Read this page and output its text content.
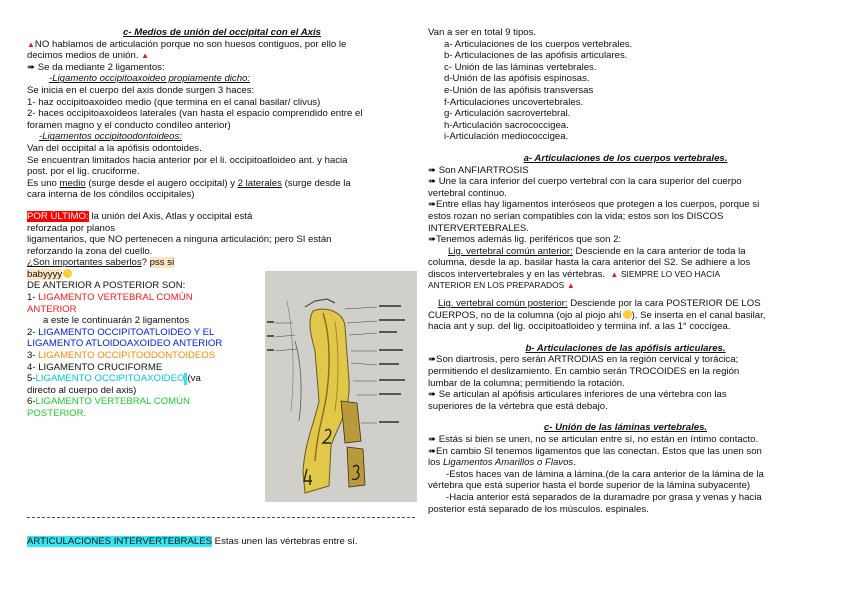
c- Medios de unión del occipital con el Axis
▲NO hablamos de articulación porque no son huesos contiguos, por ello le
decimos medios de unión. ▲
➠ Se da mediante 2 ligamentos:
-Ligamento occipitoaxoideo propiamente dicho:
Se inicia en el cuerpo del axis donde surgen 3 haces:
1- haz occipitoaxoideo medio (que termina en el canal basilar/ clivus)
2- haces occipitoaxoideos laterales (van hasta el espacio comprendido entre el
foramen magno y el conducto condíleo anterior)
-Ligamentos occipitoodontoideos:
Van del occipital a la apófisis odontoides.
Se encuentran limitados hacia anterior por el li. occipitoatloideo ant. y hacia
post. por el lig. cruciforme.
Es uno medio (surge desde el augero occipital) y 2 laterales (surge desde la
cara interna de los cóndilos occipitales)
POR ÚLTIMO: la unión del Axis, Atlas y occipital está reforzada por planos
ligamentarios, que NO pertenecen a ninguna articulación; pero SI están
reforzando la zona del cuello.
¿Son importantes saberlos? pss si
babyyyy
DE ANTERIOR A POSTERIOR SON:
1- LIGAMENTO VERTEBRAL COMÚN
ANTERIOR
a este le continuarán 2 ligamentos
2- LIGAMENTO OCCIPITOATLOIDEO Y EL
LIGAMENTO ATLOIDOAXOIDEO ANTERIOR
3- LIGAMENTO OCCIPITOODONTOIDEOS
4- LIGAMENTO CRUCIFORME
5-LIGAMENTO OCCIPITOAXOIDEO (va
directo al cuerpo del axis)
6-LIGAMENTO VERTEBRAL COMÚN
POSTERIOR.
ARTICULACIONES INTERVERTEBRALES Estas unen las vértebras entre sí.
Van a ser en total 9 tipos.
a- Articulaciones de los cuerpos vertebrales.
b- Articulaciones de las apófisis articulares.
c- Unión de las láminas vertebrales.
d-Unión de las apófisis espinosas.
e-Unión de las apófisis transversas
f-Articulaciones uncovertebrales.
g- Articulación sacrovertebral.
h-Articulación sacrococcigea.
i-Articulación mediococcigea.
a- Articulaciones de los cuerpos vertebrales.
➠ Son ANFIARTROSIS
➠ Une la cara inferior del cuerpo vertebral con la cara superior del cuerpo
vertebral continuo.
➠Entre ellas hay ligamentos interóseos que protegen a los cuerpos, porque si
estos rozan no serían compatibles con la vida; estos son los DISCOS
INTERVERTEBRALES.
➠Tenemos además lig. periféricos que son 2:
Lig. vertebral común anterior: Desciende en la cara anterior de toda la
columna, desde la ap. basilar hasta la cara anterior del S2. Se adhiere a los
discos intervertebrales y en las vértebras. ▲ SIEMPRE LO VEO HACIA
ANTERIOR EN LOS PREPARADOS ▲
Lig. vertebral común posterior: Desciende por la cara POSTERIOR DE LOS
CUERPOS, no de la columna (ojo al piojo ahí ). Se inserta en el canal basilar,
hacia ant y sup. del lig. occipitoatloideo y termina inf. a las 1° coccígea.
b- Articulaciones de las apófisis articulares.
➠Son diartrosis, pero serán ARTRODIAS en la región cervical y torácica;
permitiendo el deslizamiento. En cambio serán TROCOIDES en la región
lumbar de la columna; permitiendo la rotación.
➠ Se articulan al apófisis articulares inferiores de una vértebra con las
superiores de la vértebra que está debajo.
c- Unión de las láminas vertebrales.
➠ Estás si bien se unen, no se articulan entre sí, no están en íntimo contacto.
➠En cambio SI tenemos ligamentos que las conectan. Estos que las unen son
los Ligamentos Amarillos o Flavos.
-Estos haces van de lámina a lámina.(de la cara anterior de la lámina de la
vértebra que está superior hasta el borde superior de la lámina subyacente)
-Hacia anterior está separados de la duramadre por grasa y venas y hacia
posterior está separado de los músculos. espinales.
